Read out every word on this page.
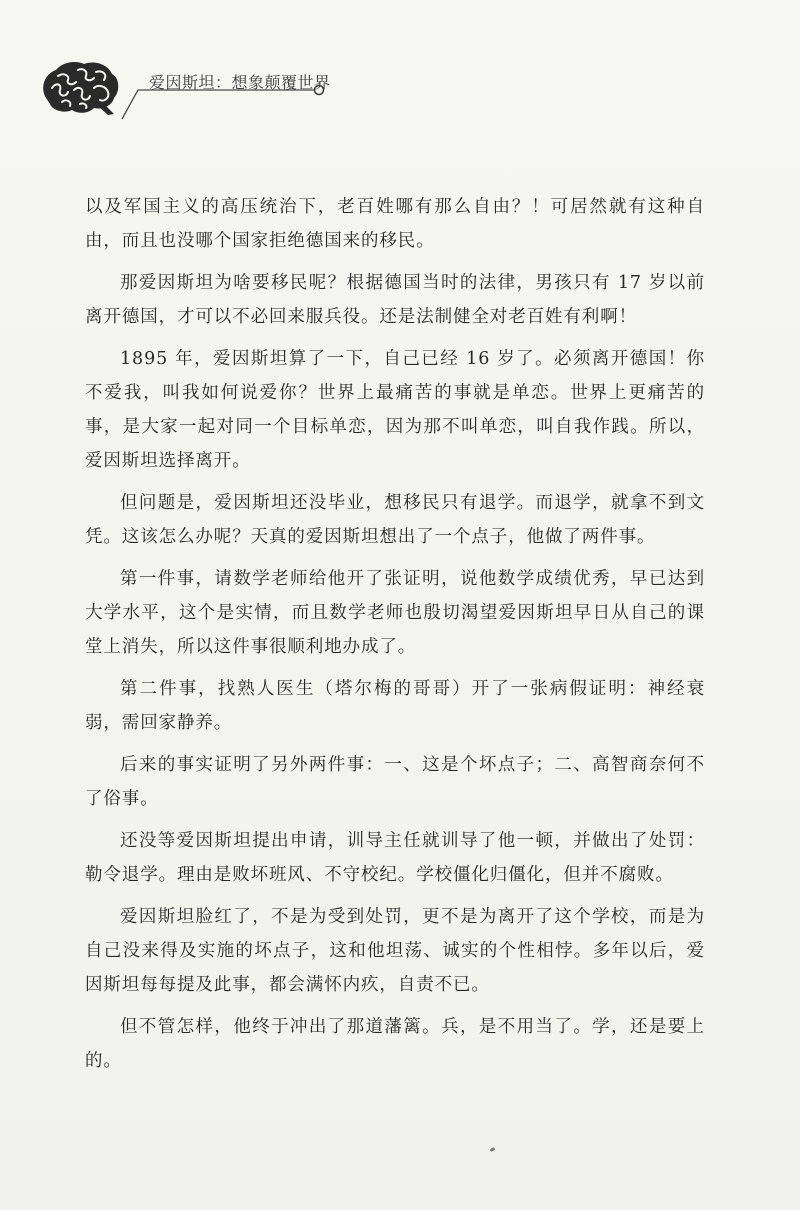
爱因斯坦：想象颠覆世界

以及军国主义的高压统治下，老百姓哪有那么自由？！可居然就有这种自由，而且也没哪个国家拒绝德国来的移民。

那爱因斯坦为啥要移民呢？根据德国当时的法律，男孩只有 17 岁以前离开德国，才可以不必回来服兵役。还是法制健全对老百姓有利啊！

1895 年，爱因斯坦算了一下，自己已经 16 岁了。必须离开德国！你不爱我，叫我如何说爱你？世界上最痛苦的事就是单恋。世界上更痛苦的事，是大家一起对同一个目标单恋，因为那不叫单恋，叫自我作践。所以，爱因斯坦选择离开。

但问题是，爱因斯坦还没毕业，想移民只有退学。而退学，就拿不到文凭。这该怎么办呢？天真的爱因斯坦想出了一个点子，他做了两件事。

第一件事，请数学老师给他开了张证明，说他数学成绩优秀，早已达到大学水平，这个是实情，而且数学老师也殷切渴望爱因斯坦早日从自己的课堂上消失，所以这件事很顺利地办成了。

第二件事，找熟人医生（塔尔梅的哥哥）开了一张病假证明：神经衰弱，需回家静养。

后来的事实证明了另外两件事：一、这是个坏点子；二、高智商奈何不了俗事。

还没等爱因斯坦提出申请，训导主任就训导了他一顿，并做出了处罚：勒令退学。理由是败坏班风、不守校纪。学校僵化归僵化，但并不腐败。

爱因斯坦脸红了，不是为受到处罚，更不是为离开了这个学校，而是为自己没来得及实施的坏点子，这和他坦荡、诚实的个性相悖。多年以后，爱因斯坦每每提及此事，都会满怀内疚，自责不已。

但不管怎样，他终于冲出了那道藩篱。兵，是不用当了。学，还是要上的。
